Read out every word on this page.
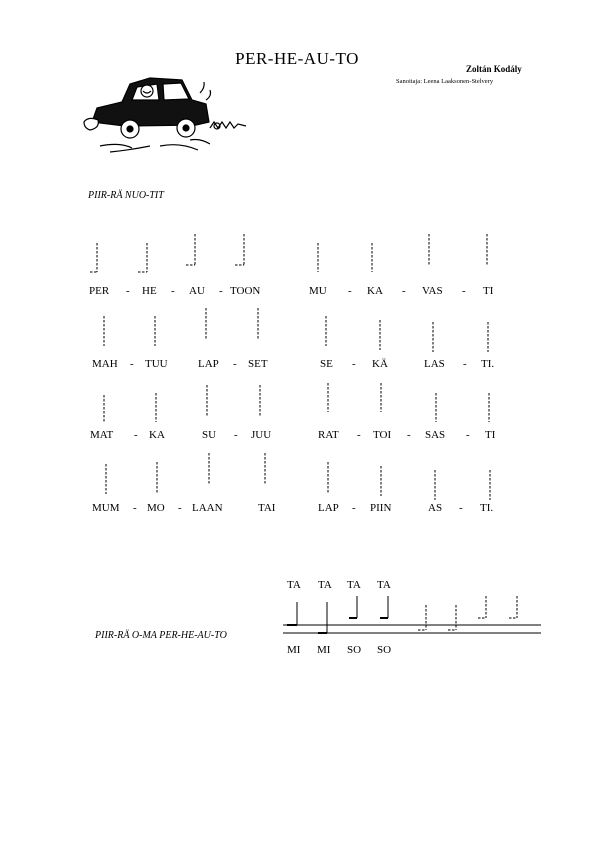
PER-HE-AU-TO
Zoltán Kodály
Sanoitaja: Leena Laaksonen-Stelvery
PIIR-RÄ NUO-TIT
PER - HE - AU - TOON	MU - KA - VAS - TI
MAH - TUU	LAP - SET	SE - KÄ	LAS - TI.
MAT - KA	SU - JUU	RAT - TOI - SAS - TI
MUM - MO - LAAN	TAI	LAP - PIIN	AS - TI.
TA TA TA TA
PIIR-RÄ O-MA PER-HE-AU-TO
MI MI SO SO
